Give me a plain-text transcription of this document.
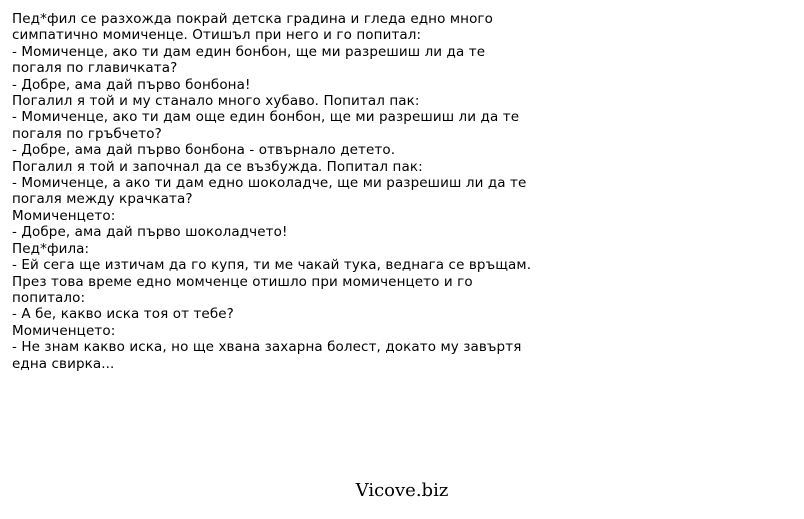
Пед*фил се разхожда покрай детска градина и гледа едно много
симпатично момиченце. Отишъл при него и го попитал:
- Момиченце, ако ти дам един бонбон, ще ми разрешиш ли да те
погаля по главичката?
- Добре, ама дай първо бонбона!
Погалил я той и му станало много хубаво. Попитал пак:
- Момиченце, ако ти дам още един бонбон, ще ми разрешиш ли да те
погаля по гръбчето?
- Добре, ама дай първо бонбона - отвърнало детето.
Погалил я той и започнал да се възбужда. Попитал пак:
- Момиченце, а ако ти дам едно шоколадче, ще ми разрешиш ли да те
погаля между крачката?
Момиченцето:
- Добре, ама дай първо шоколадчето!
Пед*фила:
- Ей сега ще изтичам да го купя, ти ме чакай тука, веднага се връщам.
През това време едно момченце отишло при момиченцето и го
попитало:
- А бе, какво иска тоя от тебе?
Момиченцето:
- Не знам какво иска, но ще хвана захарна болест, докато му завъртя
една свирка...
Vicove.biz
